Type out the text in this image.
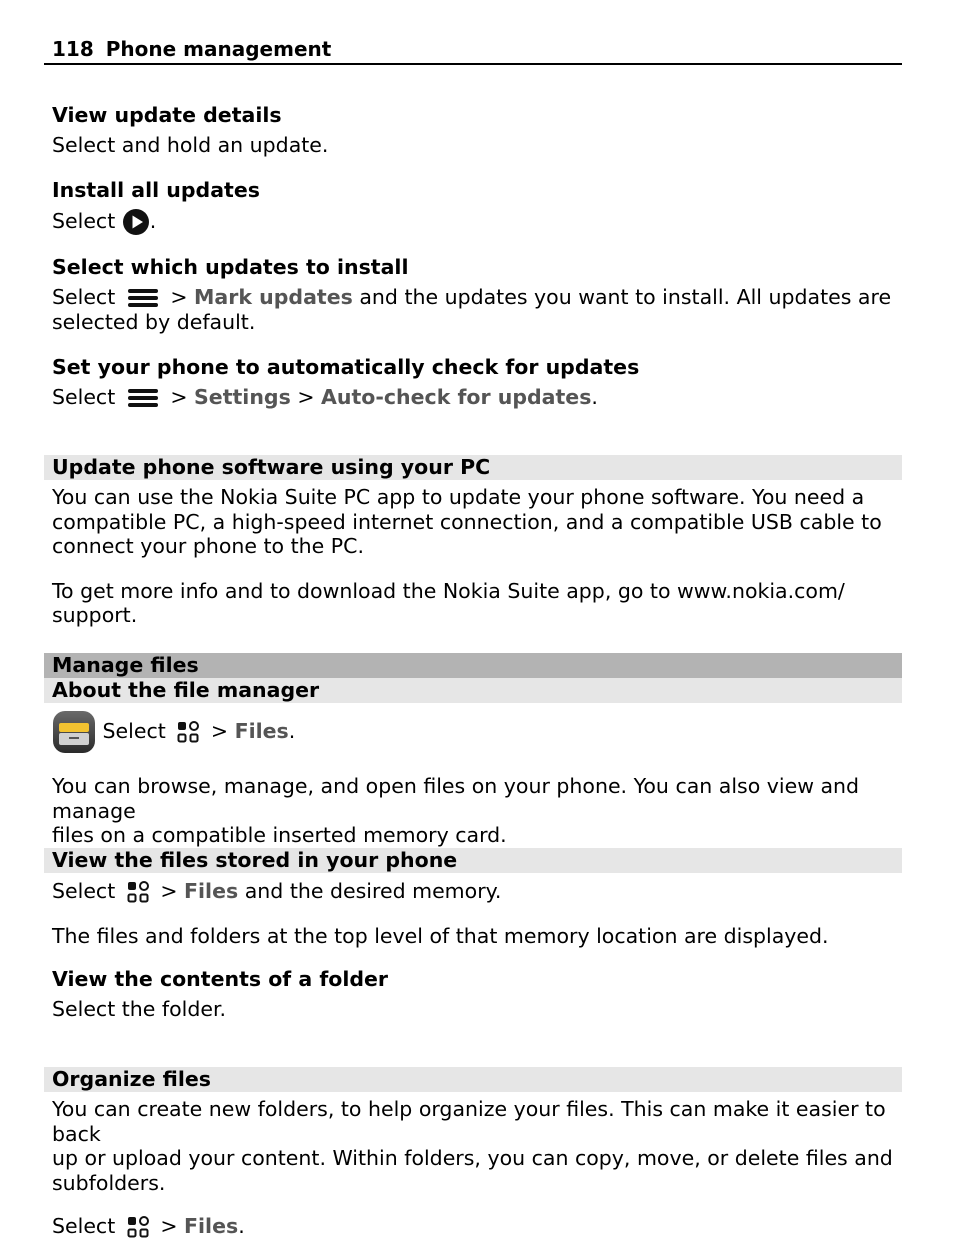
118 Phone management
View update details
Select and hold an update.
Install all updates
Select .
Select which updates to install
Select	> Mark updates and the updates you want to install. All updates are
selected by default.
Set your phone to automatically check for updates
Select	> Settings > Auto-check for updates.
Update phone software using your PC
You can use the Nokia Suite PC app to update your phone software. You need a
compatible PC, a high-speed internet connection, and a compatible USB cable to
connect your phone to the PC.
To get more info and to download the Nokia Suite app, go to www.nokia.com/
support.
Manage files
About the file manager
Select > Files.
You can browse, manage, and open files on your phone. You can also view and manage
files on a compatible inserted memory card.
View the files stored in your phone
Select > Files and the desired memory.
The files and folders at the top level of that memory location are displayed.
View the contents of a folder
Select the folder.
Organize files
You can create new folders, to help organize your files. This can make it easier to back
up or upload your content. Within folders, you can copy, move, or delete files and
subfolders.
Select > Files.
